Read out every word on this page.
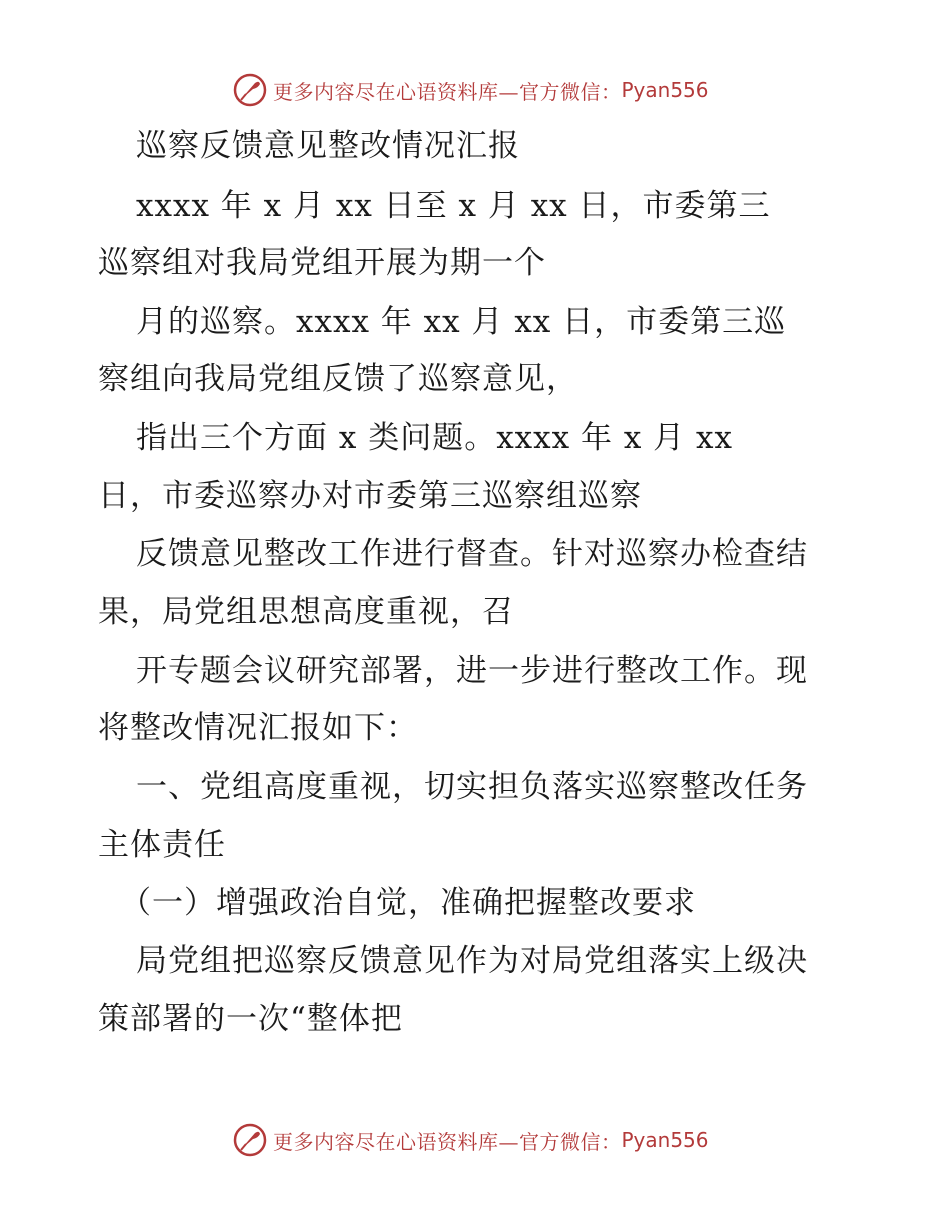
更多内容尽在心语资料库—官方微信： Pyan556
巡察反馈意见整改情况汇报
xxxx 年 x 月 xx 日至 x 月 xx 日，市委第三
巡察组对我局党组开展为期一个
月的巡察。xxxx 年 xx 月 xx 日，市委第三巡
察组向我局党组反馈了巡察意见，
指出三个方面 x 类问题。xxxx 年 x 月 xx
日，市委巡察办对市委第三巡察组巡察
反馈意见整改工作进行督查。针对巡察办检查结
果，局党组思想高度重视，召
开专题会议研究部署，进一步进行整改工作。现
将整改情况汇报如下：
一、党组高度重视，切实担负落实巡察整改任务
主体责任
（一）增强政治自觉，准确把握整改要求
局党组把巡察反馈意见作为对局党组落实上级决
策部署的一次“整体把
更多内容尽在心语资料库—官方微信： Pyan556
